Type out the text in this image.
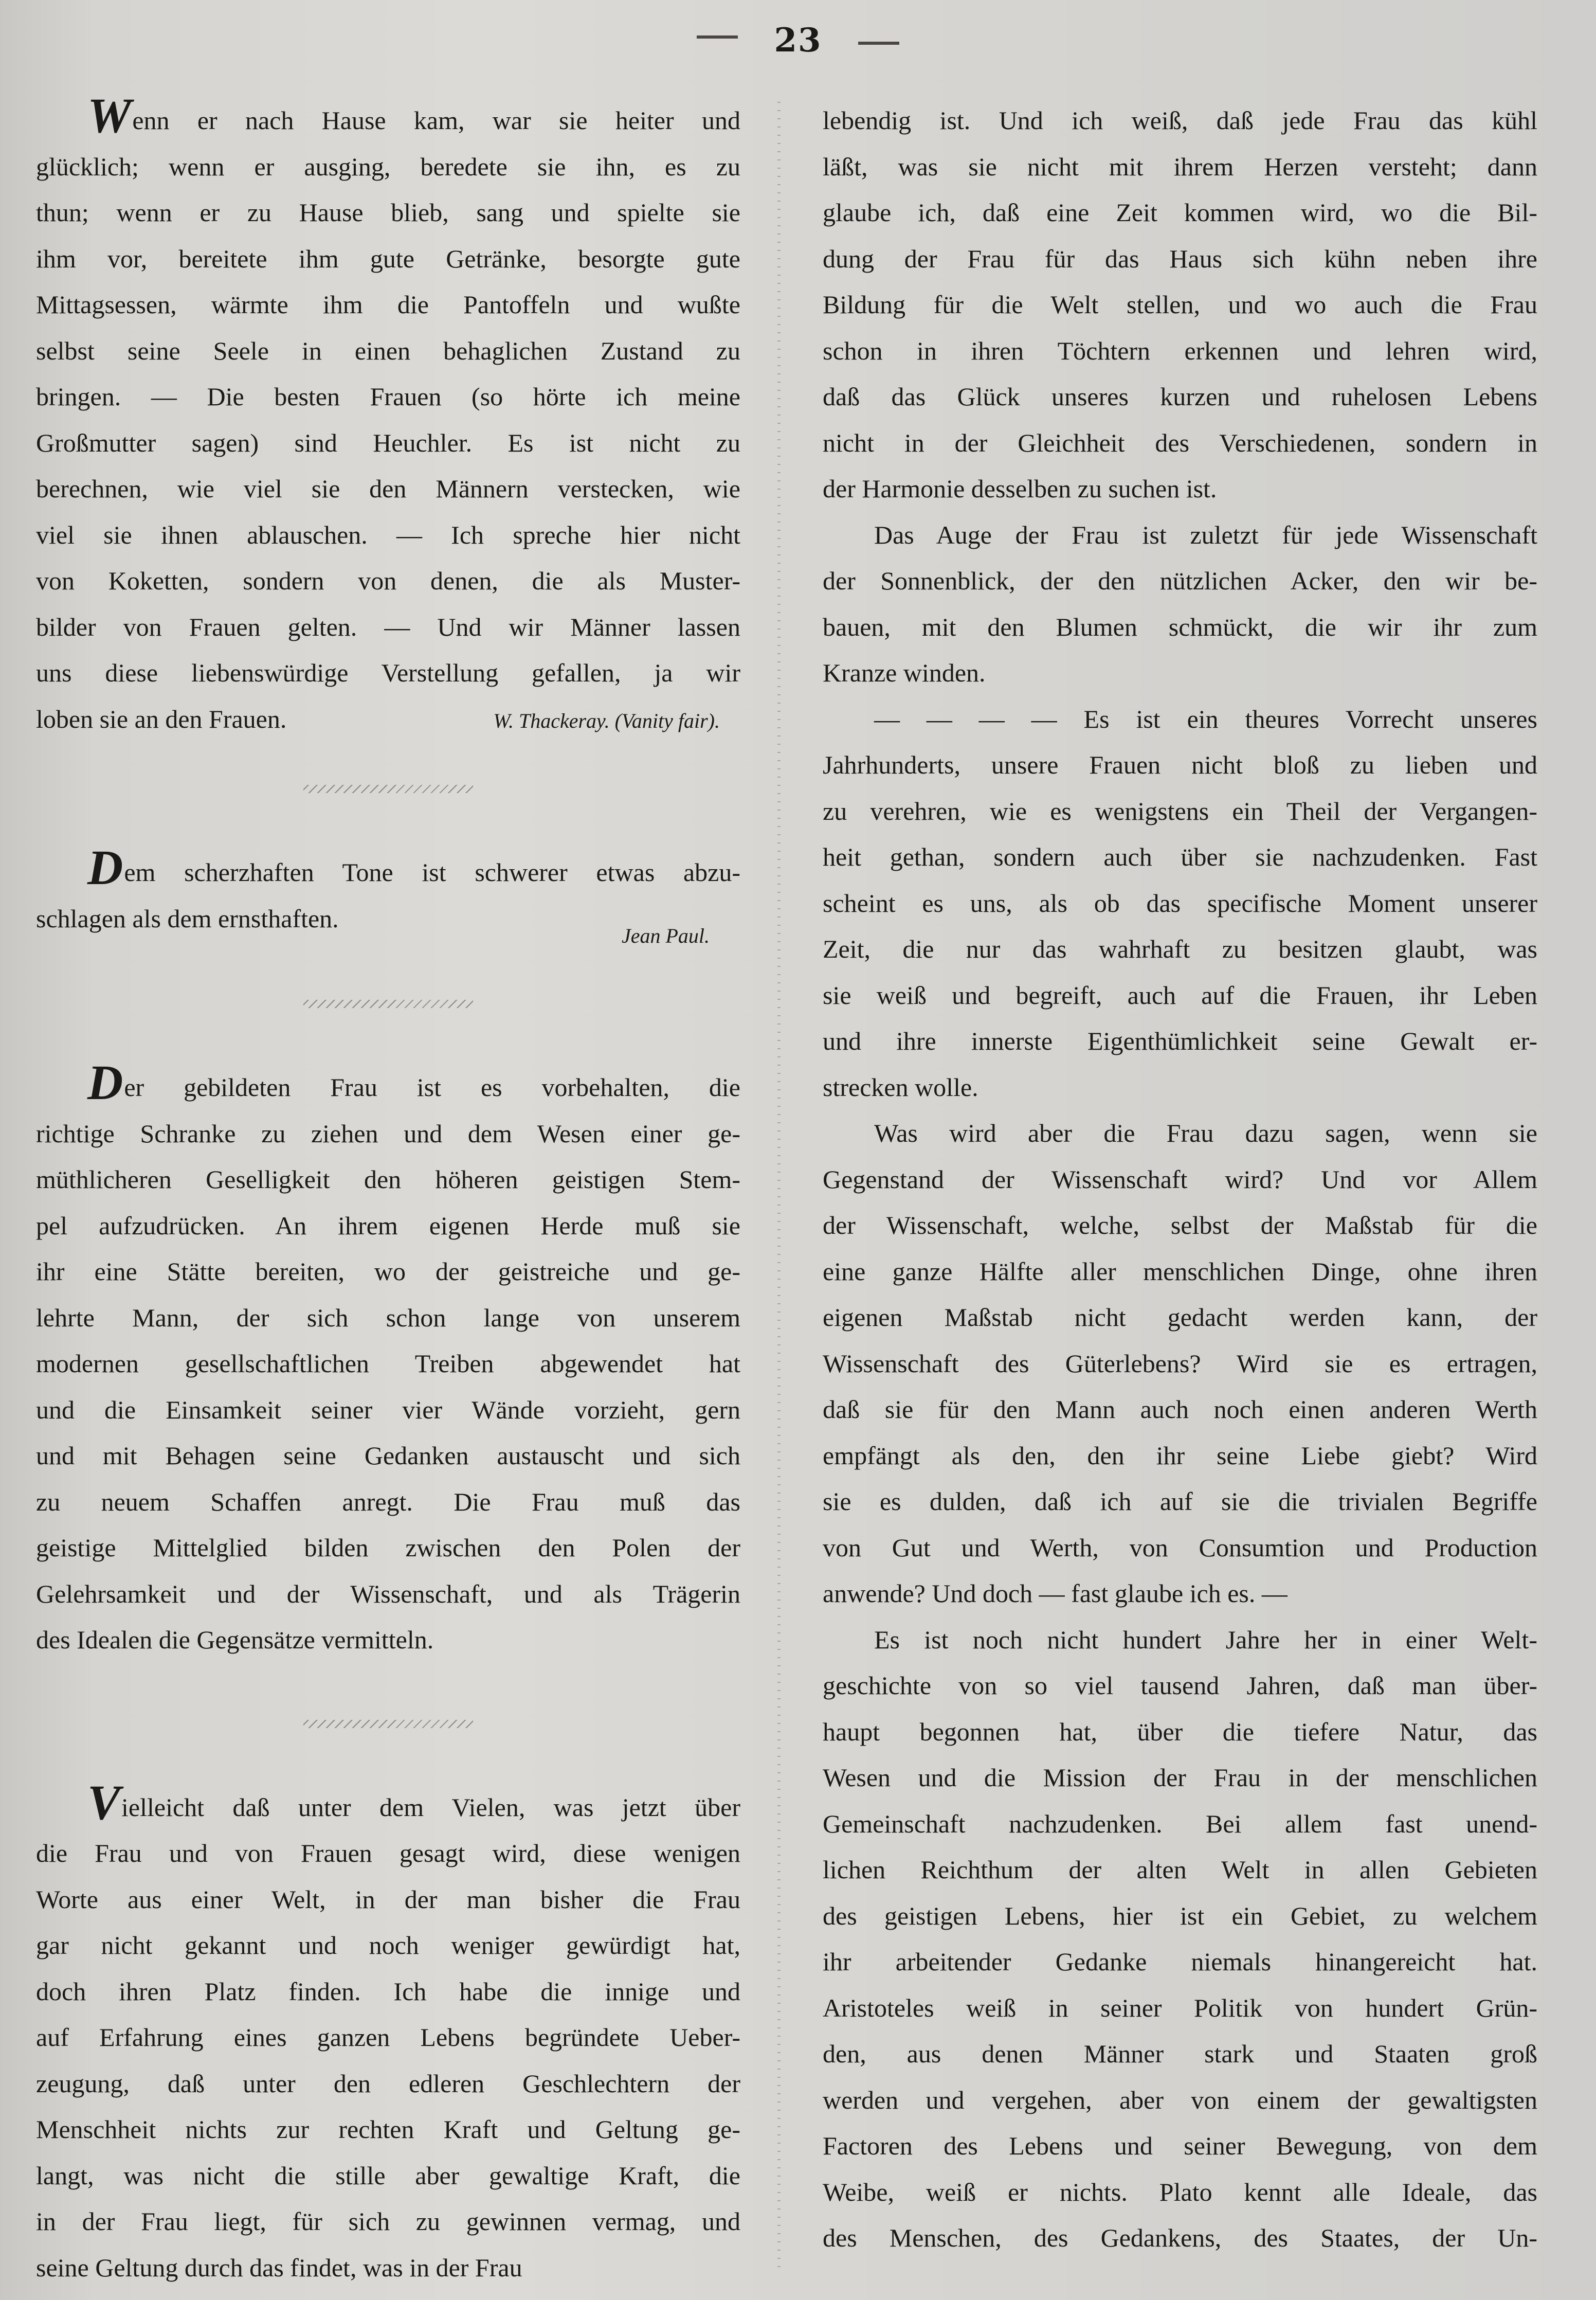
23
Wenn er nach Hause kam, war sie heiter und
glücklich; wenn er ausging, beredete sie ihn, es zu
thun; wenn er zu Hause blieb, sang und spielte sie
ihm vor, bereitete ihm gute Getränke, besorgte gute
Mittagsessen, wärmte ihm die Pantoffeln und wußte
selbst seine Seele in einen behaglichen Zustand zu
bringen. — Die besten Frauen (so hörte ich meine
Großmutter sagen) sind Heuchler. Es ist nicht zu
berechnen, wie viel sie den Männern verstecken, wie
viel sie ihnen ablauschen. — Ich spreche hier nicht
von Koketten, sondern von denen, die als Muster-
bilder von Frauen gelten. — Und wir Männer lassen
uns diese liebenswürdige Verstellung gefallen, ja wir
loben sie an den Frauen.	W. Thackeray. (Vanity fair).
Dem scherzhaften Tone ist schwerer etwas abzu-
schlagen als dem ernsthaften.
Jean Paul.
Der gebildeten Frau ist es vorbehalten, die
richtige Schranke zu ziehen und dem Wesen einer ge-
müthlicheren Geselligkeit den höheren geistigen Stem-
pel aufzudrücken. An ihrem eigenen Herde muß sie
ihr eine Stätte bereiten, wo der geistreiche und ge-
lehrte Mann, der sich schon lange von unserem
modernen gesellschaftlichen Treiben abgewendet hat
und die Einsamkeit seiner vier Wände vorzieht, gern
und mit Behagen seine Gedanken austauscht und sich
zu neuem Schaffen anregt. Die Frau muß das
geistige Mittelglied bilden zwischen den Polen der
Gelehrsamkeit und der Wissenschaft, und als Trägerin
des Idealen die Gegensätze vermitteln.
Vielleicht daß unter dem Vielen, was jetzt über
die Frau und von Frauen gesagt wird, diese wenigen
Worte aus einer Welt, in der man bisher die Frau
gar nicht gekannt und noch weniger gewürdigt hat,
doch ihren Platz finden. Ich habe die innige und
auf Erfahrung eines ganzen Lebens begründete Ueber-
zeugung, daß unter den edleren Geschlechtern der
Menschheit nichts zur rechten Kraft und Geltung ge-
langt, was nicht die stille aber gewaltige Kraft, die
in der Frau liegt, für sich zu gewinnen vermag, und
seine Geltung durch das findet, was in der Frau
lebendig ist. Und ich weiß, daß jede Frau das kühl
läßt, was sie nicht mit ihrem Herzen versteht; dann
glaube ich, daß eine Zeit kommen wird, wo die Bil-
dung der Frau für das Haus sich kühn neben ihre
Bildung für die Welt stellen, und wo auch die Frau
schon in ihren Töchtern erkennen und lehren wird,
daß das Glück unseres kurzen und ruhelosen Lebens
nicht in der Gleichheit des Verschiedenen, sondern in
der Harmonie desselben zu suchen ist.
Das Auge der Frau ist zuletzt für jede Wissenschaft
der Sonnenblick, der den nützlichen Acker, den wir be-
bauen, mit den Blumen schmückt, die wir ihr zum
Kranze winden.
— — — — Es ist ein theures Vorrecht unseres
Jahrhunderts, unsere Frauen nicht bloß zu lieben und
zu verehren, wie es wenigstens ein Theil der Vergangen-
heit gethan, sondern auch über sie nachzudenken. Fast
scheint es uns, als ob das specifische Moment unserer
Zeit, die nur das wahrhaft zu besitzen glaubt, was
sie weiß und begreift, auch auf die Frauen, ihr Leben
und ihre innerste Eigenthümlichkeit seine Gewalt er-
strecken wolle.
Was wird aber die Frau dazu sagen, wenn sie
Gegenstand der Wissenschaft wird? Und vor Allem
der Wissenschaft, welche, selbst der Maßstab für die
eine ganze Hälfte aller menschlichen Dinge, ohne ihren
eigenen Maßstab nicht gedacht werden kann, der
Wissenschaft des Güterlebens? Wird sie es ertragen,
daß sie für den Mann auch noch einen anderen Werth
empfängt als den, den ihr seine Liebe giebt? Wird
sie es dulden, daß ich auf sie die trivialen Begriffe
von Gut und Werth, von Consumtion und Production
anwende? Und doch — fast glaube ich es. —
Es ist noch nicht hundert Jahre her in einer Welt-
geschichte von so viel tausend Jahren, daß man über-
haupt begonnen hat, über die tiefere Natur, das
Wesen und die Mission der Frau in der menschlichen
Gemeinschaft nachzudenken. Bei allem fast unend-
lichen Reichthum der alten Welt in allen Gebieten
des geistigen Lebens, hier ist ein Gebiet, zu welchem
ihr arbeitender Gedanke niemals hinangereicht hat.
Aristoteles weiß in seiner Politik von hundert Grün-
den, aus denen Männer stark und Staaten groß
werden und vergehen, aber von einem der gewaltigsten
Factoren des Lebens und seiner Bewegung, von dem
Weibe, weiß er nichts. Plato kennt alle Ideale, das
des Menschen, des Gedankens, des Staates, der Un-
